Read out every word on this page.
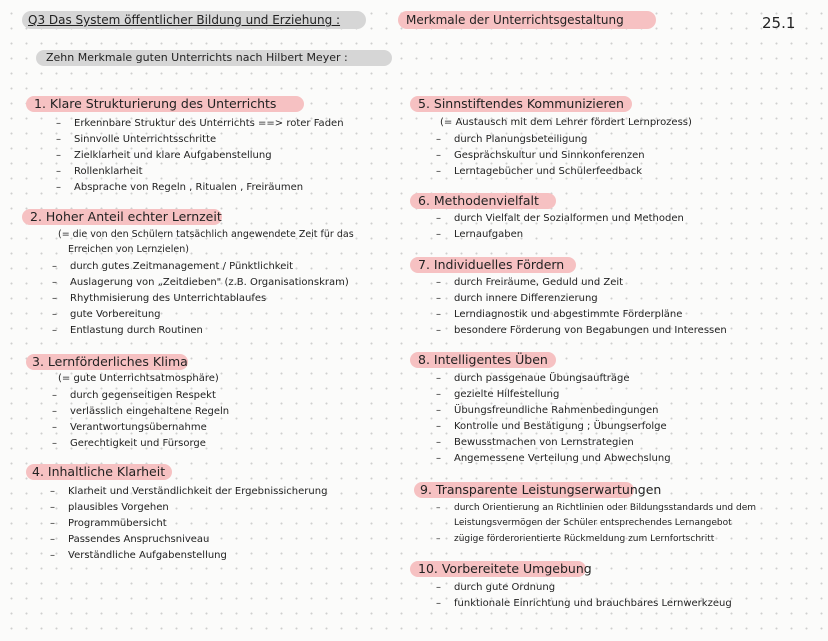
Q3 Das System öffentlicher Bildung und Erziehung :	Merkmale der Unterrichtsgestaltung	25.1
Zehn Merkmale guten Unterrichts nach Hilbert Meyer :
1. Klare Strukturierung des Unterrichts
– Erkennbare Struktur des Unterrichts ==> roter Faden
– Sinnvolle Unterrichtsschritte
– Zielklarheit und klare Aufgabenstellung
– Rollenklarheit
– Absprache von Regeln , Ritualen , Freiräumen
2. Hoher Anteil echter Lernzeit
(= die von den Schülern tatsächlich angewendete Zeit für das
Erreichen von Lernzielen)
– durch gutes Zeitmanagement / Pünktlichkeit
– Auslagerung von „Zeitdieben" (z.B. Organisationskram)
– Rhythmisierung des Unterrichtablaufes
– gute Vorbereitung
– Entlastung durch Routinen
3. Lernförderliches Klima
(= gute Unterrichtsatmosphäre)
– durch gegenseitigen Respekt
– verlässlich eingehaltene Regeln
– Verantwortungsübernahme
– Gerechtigkeit und Fürsorge
4. Inhaltliche Klarheit
– Klarheit und Verständlichkeit der Ergebnissicherung
– plausibles Vorgehen
– Programmübersicht
– Passendes Anspruchsniveau
– Verständliche Aufgabenstellung
5. Sinnstiftendes Kommunizieren
(= Austausch mit dem Lehrer fördert Lernprozess)
– durch Planungsbeteiligung
– Gesprächskultur und Sinnkonferenzen
– Lerntagebücher und Schülerfeedback
6. Methodenvielfalt
– durch Vielfalt der Sozialformen und Methoden
– Lernaufgaben
7. Individuelles Fördern
– durch Freiräume, Geduld und Zeit
– durch innere Differenzierung
– Lerndiagnostik und abgestimmte Förderpläne
– besondere Förderung von Begabungen und Interessen
8. Intelligentes Üben
– durch passgenaue Übungsaufträge
– gezielte Hilfestellung
– Übungsfreundliche Rahmenbedingungen
– Kontrolle und Bestätigung ; Übungserfolge
– Bewusstmachen von Lernstrategien
– Angemessene Verteilung und Abwechslung
9. Transparente Leistungserwartungen
– durch Orientierung an Richtlinien oder Bildungsstandards und dem
Leistungsvermögen der Schüler entsprechendes Lernangebot
– zügige förderorientierte Rückmeldung zum Lernfortschritt
10. Vorbereitete Umgebung
– durch gute Ordnung
– funktionale Einrichtung und brauchbares Lernwerkzeug
